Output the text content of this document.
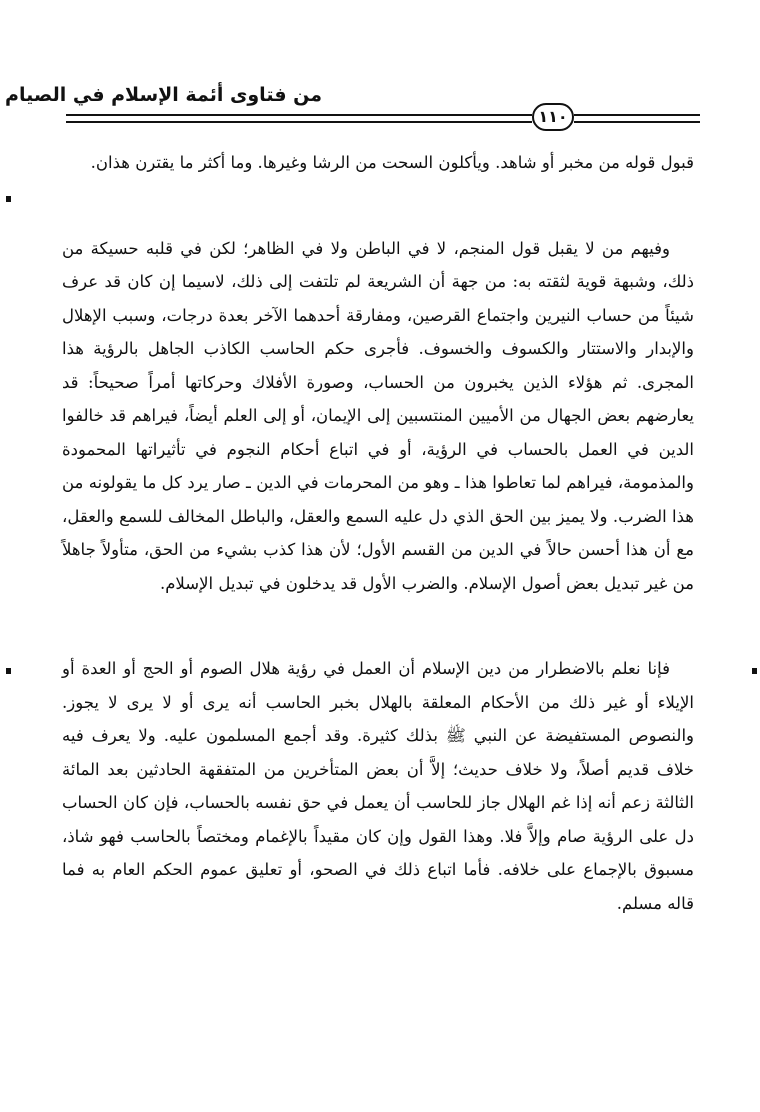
من فتاوى أئمة الإسلام في الصيام
١١٠

قبول قوله من مخبر أو شاهد. ويأكلون السحت من الرشا وغيرها. وما أكثر ما يقترن هذان.

وفيهم من لا يقبل قول المنجم، لا في الباطن ولا في الظاهر؛ لكن في قلبه حسيكة من ذلك، وشبهة قوية لثقته به: من جهة أن الشريعة لم تلتفت إلى ذلك، لاسيما إن كان قد عرف شيئاً من حساب النيرين واجتماع القرصين، ومفارقة أحدهما الآخر بعدة درجات، وسبب الإهلال والإبدار والاستتار والكسوف والخسوف. فأجرى حكم الحاسب الكاذب الجاهل بالرؤية هذا المجرى. ثم هؤلاء الذين يخبرون من الحساب، وصورة الأفلاك وحركاتها أمراً صحيحاً: قد يعارضهم بعض الجهال من الأميين المنتسبين إلى الإيمان، أو إلى العلم أيضاً، فيراهم قد خالفوا الدين في العمل بالحساب في الرؤية، أو في اتباع أحكام النجوم في تأثيراتها المحمودة والمذمومة، فيراهم لما تعاطوا هذا ـ وهو من المحرمات في الدين ـ صار يرد كل ما يقولونه من هذا الضرب. ولا يميز بين الحق الذي دل عليه السمع والعقل، والباطل المخالف للسمع والعقل، مع أن هذا أحسن حالاً في الدين من القسم الأول؛ لأن هذا كذب بشيء من الحق، متأولاً جاهلاً من غير تبديل بعض أصول الإسلام. والضرب الأول قد يدخلون في تبديل الإسلام.

فإنا نعلم بالاضطرار من دين الإسلام أن العمل في رؤية هلال الصوم أو الحج أو العدة أو الإيلاء أو غير ذلك من الأحكام المعلقة بالهلال بخبر الحاسب أنه يرى أو لا يرى لا يجوز. والنصوص المستفيضة عن النبي ﷺ بذلك كثيرة. وقد أجمع المسلمون عليه. ولا يعرف فيه خلاف قديم أصلاً، ولا خلاف حديث؛ إلاَّ أن بعض المتأخرين من المتفقهة الحادثين بعد المائة الثالثة زعم أنه إذا غم الهلال جاز للحاسب أن يعمل في حق نفسه بالحساب، فإن كان الحساب دل على الرؤية صام وإلاَّ فلا. وهذا القول وإن كان مقيداً بالإغمام ومختصاً بالحاسب فهو شاذ، مسبوق بالإجماع على خلافه. فأما اتباع ذلك في الصحو، أو تعليق عموم الحكم العام به فما قاله مسلم.
